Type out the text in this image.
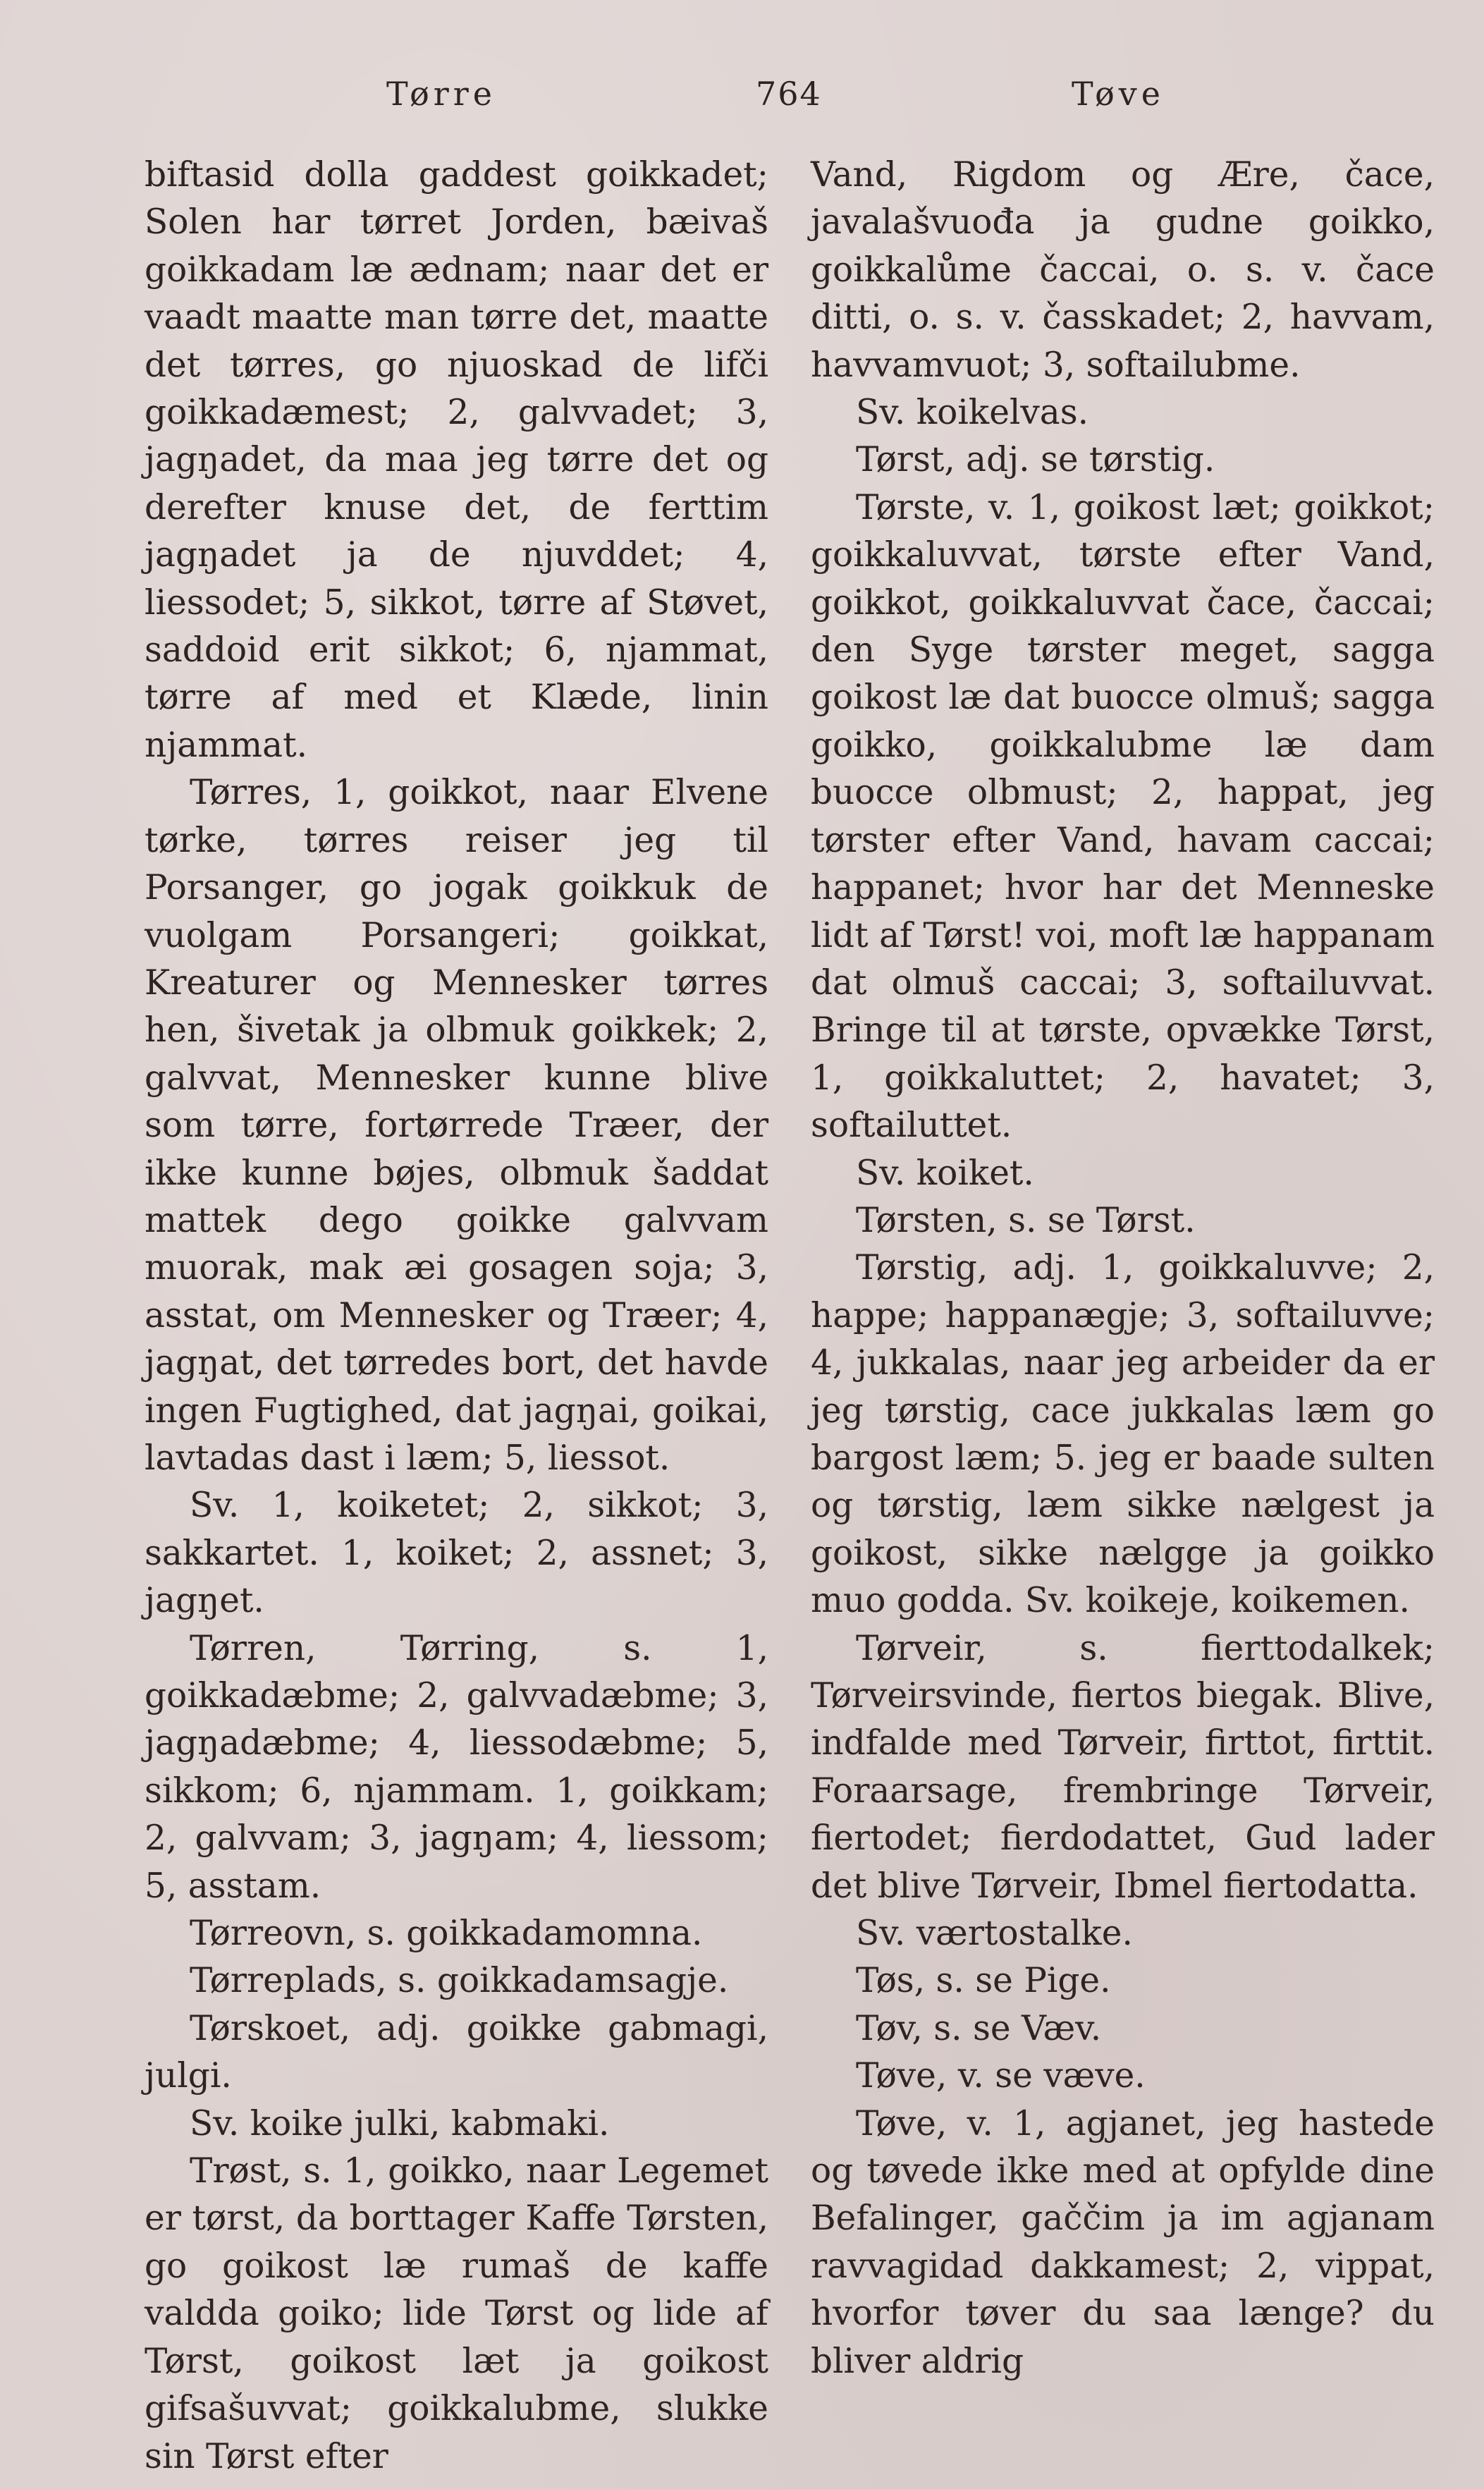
Tørre	764	Tøve

biftasid dolla gaddest goikkadet; Solen har tørret Jorden, bæivaš goikkadam læ ædnam; naar det er vaadt maatte man tørre det, maatte det tørres, go njuoskad de lifči goikkadæmest; 2, galvvadet; 3, jagŋadet, da maa jeg tørre det og derefter knuse det, de ferttim jagŋadet ja de njuvddet; 4, liessodet; 5, sikkot, tørre af Støvet, saddoid erit sikkot; 6, njammat, tørre af med et Klæde, linin njammat.

Tørres, 1, goikkot, naar Elvene tørke, tørres reiser jeg til Porsanger, go jogak goikkuk de vuolgam Porsangeri; goikkat, Kreaturer og Mennesker tørres hen, šivetak ja olbmuk goikkek; 2, galvvat, Mennesker kunne blive som tørre, fortørrede Træer, der ikke kunne bøjes, olbmuk šaddat mattek dego goikke galvvam muorak, mak æi gosagen soja; 3, asstat, om Mennesker og Træer; 4, jagŋat, det tørredes bort, det havde ingen Fugtighed, dat jagŋai, goikai, lavtadas dast i læm; 5, liessot.

Sv. 1, koiketet; 2, sikkot; 3, sakkartet. 1, koiket; 2, assnet; 3, jagŋet.

Tørren, Tørring, s. 1, goikkadæbme; 2, galvvadæbme; 3, jagŋadæbme; 4, liessodæbme; 5, sikkom; 6, njammam. 1, goikkam; 2, galvvam; 3, jagŋam; 4, liessom; 5, asstam.

Tørreovn, s. goikkadamomna.

Tørreplads, s. goikkadamsagje.

Tørskoet, adj. goikke gabmagi, julgi.

Sv. koike julki, kabmaki.

Trøst, s. 1, goikko, naar Legemet er tørst, da borttager Kaffe Tørsten, go goikost læ rumaš de kaffe valdda goiko; lide Tørst og lide af Tørst, goikost læt ja goikost gifsašuvvat; goikkalubme, slukke sin Tørst efter

Vand, Rigdom og Ære, čace, javalašvuođa ja gudne goikko, goikkalůme čaccai, o. s. v. čace ditti, o. s. v. časskadet; 2, havvam, havvamvuot; 3, softailubme.

Sv. koikelvas.

Tørst, adj. se tørstig.

Tørste, v. 1, goikost læt; goikkot; goikkaluvvat, tørste efter Vand, goikkot, goikkaluvvat čace, čaccai; den Syge tørster meget, sagga goikost læ dat buocce olmuš; sagga goikko, goikkalubme læ dam buocce olbmust; 2, happat, jeg tørster efter Vand, havam caccai; happanet; hvor har det Menneske lidt af Tørst! voi, moft læ happanam dat olmuš caccai; 3, softailuvvat. Bringe til at tørste, opvække Tørst, 1, goikkaluttet; 2, havatet; 3, softailuttet.

Sv. koiket.

Tørsten, s. se Tørst.

Tørstig, adj. 1, goikkaluvve; 2, happe; happanægje; 3, softailuvve; 4, jukkalas, naar jeg arbeider da er jeg tørstig, cace jukkalas læm go bargost læm; 5. jeg er baade sulten og tørstig, læm sikke nælgest ja goikost, sikke nælgge ja goikko muo godda. Sv. koikeje, koikemen.

Tørveir, s. fierttodalkek; Tørveirsvinde, fiertos biegak. Blive, indfalde med Tørveir, firttot, firttit. Foraarsage, frembringe Tørveir, fiertodet; fierdodattet, Gud lader det blive Tørveir, Ibmel fiertodatta.

Sv. værtostalke.

Tøs, s. se Pige.

Tøv, s. se Væv.

Tøve, v. se væve.

Tøve, v. 1, agjanet, jeg hastede og tøvede ikke med at opfylde dine Befalinger, gaččim ja im agjanam ravvagidad dakkamest; 2, vippat, hvorfor tøver du saa længe? du bliver aldrig
